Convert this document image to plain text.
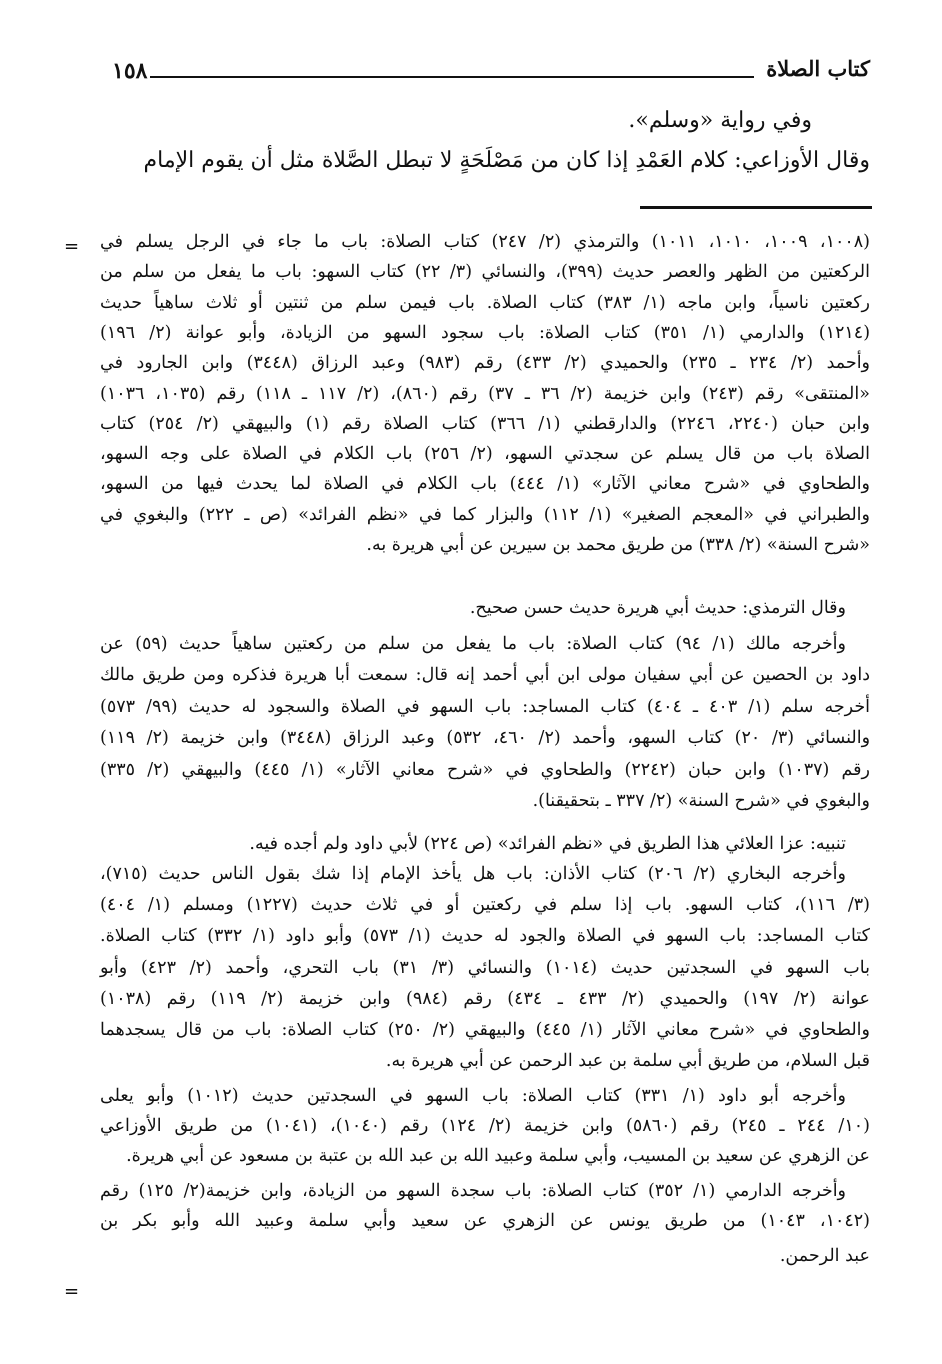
١٥٨	كتاب الصلاة
وفي رواية «وسلم».
وقال الأوزاعي: كلام العَمْدِ إذا كان من مَصْلَحَةٍ لا تبطل الصَّلاة مثل أن يقوم الإمام
(١٠٠٨، ١٠٠٩، ١٠١٠، ١٠١١) والترمذي (٢/ ٢٤٧) كتاب الصلاة: باب ما جاء في الرجل يسلم في
الركعتين من الظهر والعصر حديث (٣٩٩)، والنسائي (٣/ ٢٢) كتاب السهو: باب ما يفعل من سلم من
ركعتين ناسياً، وابن ماجه (١/ ٣٨٣) كتاب الصلاة. باب فيمن سلم من ثنتين أو ثلاث ساهياً حديث
(١٢١٤) والدارمي (١/ ٣٥١) كتاب الصلاة: باب سجود السهو من الزيادة، وأبو عوانة (٢/ ١٩٦)
وأحمد (٢/ ٢٣٤ ـ ٢٣٥) والحميدي (٢/ ٤٣٣) رقم (٩٨٣) وعبد الرزاق (٣٤٤٨) وابن الجارود في
«المنتقى» رقم (٢٤٣) وابن خزيمة (٢/ ٣٦ ـ ٣٧) رقم (٨٦٠)، (٢/ ١١٧ ـ ١١٨) رقم (١٠٣٥، ١٠٣٦)
وابن حبان (٢٢٤٠، ٢٢٤٦) والدارقطني (١/ ٣٦٦) كتاب الصلاة رقم (١) والبيهقي (٢/ ٢٥٤) كتاب
الصلاة باب من قال يسلم عن سجدتي السهو، (٢/ ٢٥٦) باب الكلام في الصلاة على وجه السهو،
والطحاوي في «شرح معاني الآثار» (١/ ٤٤٤) باب الكلام في الصلاة لما يحدث فيها من السهو،
والطبراني في «المعجم الصغير» (١/ ١١٢) والبزار كما في «نظم الفرائد» (ص ـ ٢٢٢) والبغوي في
«شرح السنة» (٢/ ٣٣٨) من طريق محمد بن سيرين عن أبي هريرة به.
وقال الترمذي: حديث أبي هريرة حديث حسن صحيح.
وأخرجه مالك (١/ ٩٤) كتاب الصلاة: باب ما يفعل من سلم من ركعتين ساهياً حديث (٥٩) عن
داود بن الحصين عن أبي سفيان مولى ابن أبي أحمد إنه قال: سمعت أبا هريرة فذكره ومن طريق مالك
أخرجه سلم (١/ ٤٠٣ ـ ٤٠٤) كتاب المساجد: باب السهو في الصلاة والسجود له حديث (٩٩/ ٥٧٣)
والنسائي (٣/ ٢٠) كتاب السهو، وأحمد (٢/ ٤٦٠، ٥٣٢) وعبد الرزاق (٣٤٤٨) وابن خزيمة (٢/ ١١٩)
رقم (١٠٣٧) وابن حبان (٢٢٤٢) والطحاوي في «شرح معاني الآثار» (١/ ٤٤٥) والبيهقي (٢/ ٣٣٥)
والبغوي في «شرح السنة» (٢/ ٣٣٧ ـ بتحقيقنا).
تنبيه: عزا العلائي هذا الطريق في «نظم الفرائد» (ص ٢٢٤) لأبي داود ولم أجده فيه.
وأخرجه البخاري (٢/ ٢٠٦) كتاب الأذان: باب هل يأخذ الإمام إذا شك بقول الناس حديث (٧١٥)،
(٣/ ١١٦)، كتاب السهو. باب إذا سلم في ركعتين أو في ثلاث حديث (١٢٢٧) ومسلم (١/ ٤٠٤)
كتاب المساجد: باب السهو في الصلاة والجود له حديث (١/ ٥٧٣) وأبو داود (١/ ٣٣٢) كتاب الصلاة.
باب السهو في السجدتين حديث (١٠١٤) والنسائي (٣/ ٣١) باب التحري، وأحمد (٢/ ٤٢٣) وأبو
عوانة (٢/ ١٩٧) والحميدي (٢/ ٤٣٣ ـ ٤٣٤) رقم (٩٨٤) وابن خزيمة (٢/ ١١٩) رقم (١٠٣٨)
والطحاوي في «شرح معاني الآثار (١/ ٤٤٥) والبيهقي (٢/ ٢٥٠) كتاب الصلاة: باب من قال يسجدهما
قبل السلام، من طريق أبي سلمة بن عبد الرحمن عن أبي هريرة به.
وأخرجه أبو داود (١/ ٣٣١) كتاب الصلاة: باب السهو في السجدتين حديث (١٠١٢) وأبو يعلى
(١٠/ ٢٤٤ ـ ٢٤٥) رقم (٥٨٦٠) وابن خزيمة (٢/ ١٢٤) رقم (١٠٤٠)، (١٠٤١) من طريق الأوزاعي
عن الزهري عن سعيد بن المسيب، وأبي سلمة وعبيد الله بن عبد الله بن عتبة بن مسعود عن أبي هريرة.
وأخرجه الدارمي (١/ ٣٥٢) كتاب الصلاة: باب سجدة السهو من الزيادة، وابن خزيمة(٢/ ١٢٥) رقم
(١٠٤٢، ١٠٤٣) من طريق يونس عن الزهري عن سعيد وأبي سلمة وعبيد الله وأبو بكر بن
عبد الرحمن.
=
=
